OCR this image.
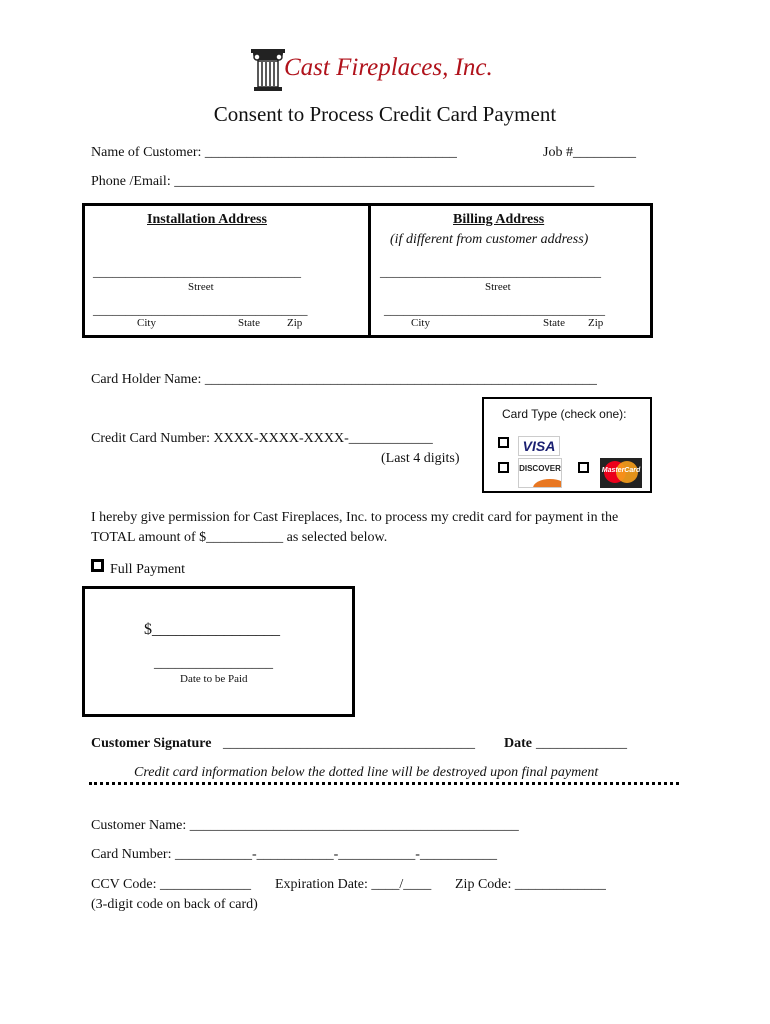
Cast Fireplaces, Inc.
Consent to Process Credit Card Payment
Name of Customer: ____________________________________	Job #_________
Phone /Email: ____________________________________________________________
Installation Address
________________________________
Street
_________________________________
City	State Zip
Billing Address
(if different from customer address)
__________________________________
Street
__________________________________
City	State Zip
Card Holder Name: ________________________________________________________
Card Type (check one):
VISA
DISCOVER	MasterCard
Credit Card Number: XXXX-XXXX-XXXX-____________
(Last 4 digits)
I hereby give permission for Cast Fireplaces, Inc. to process my credit card for payment in the
TOTAL amount of $___________ as selected below.
Full Payment
$________________
_________________
Date to be Paid
Customer Signature ____________________________________ Date _____________
Credit card information below the dotted line will be destroyed upon final payment
Customer Name: _______________________________________________
Card Number: ___________-___________-___________-___________
CCV Code: _____________ Expiration Date: ____/____ Zip Code: _____________
(3-digit code on back of card)
